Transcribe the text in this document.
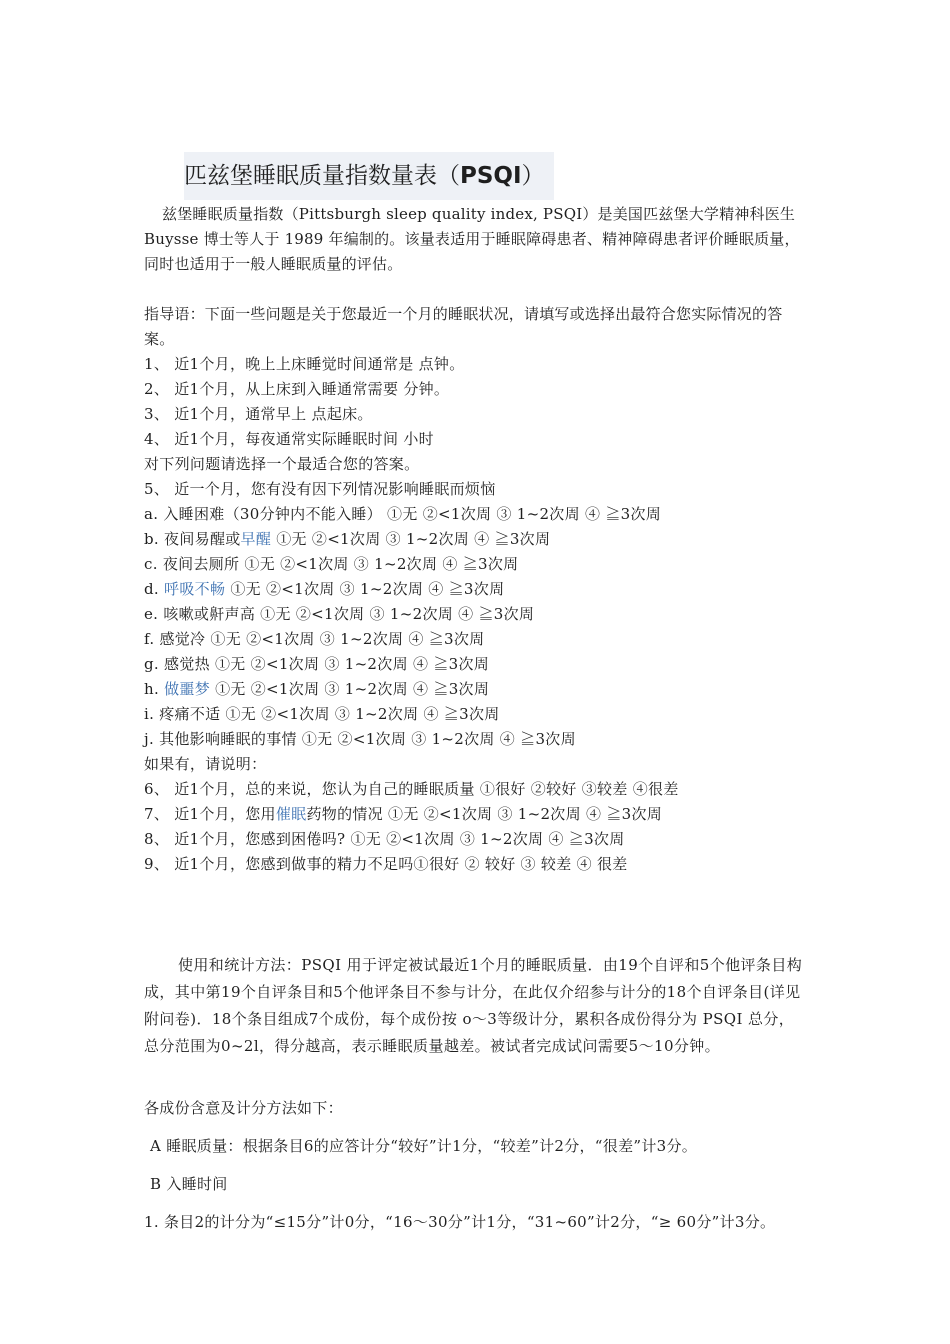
匹兹堡睡眠质量指数量表（PSQI）
兹堡睡眠质量指数（Pittsburgh sleep quality index, PSQI）是美国匹兹堡大学精神科医生Buysse 博士等人于 1989 年编制的。该量表适用于睡眠障碍患者、精神障碍患者评价睡眠质量，同时也适用于一般人睡眠质量的评估。
指导语：下面一些问题是关于您最近一个月的睡眠状况，请填写或选择出最符合您实际情况的答案。
1、 近1个月，晚上上床睡觉时间通常是 点钟。
2、 近1个月，从上床到入睡通常需要 分钟。
3、 近1个月，通常早上 点起床。
4、 近1个月，每夜通常实际睡眠时间 小时
对下列问题请选择一个最适合您的答案。
5、 近一个月，您有没有因下列情况影响睡眠而烦恼
a. 入睡困难（30分钟内不能入睡） ①无 ②<1次周 ③ 1~2次周 ④ ≧3次周
b. 夜间易醒或早醒 ①无 ②<1次周 ③ 1~2次周 ④ ≧3次周
c. 夜间去厕所 ①无 ②<1次周 ③ 1~2次周 ④ ≧3次周
d. 呼吸不畅 ①无 ②<1次周 ③ 1~2次周 ④ ≧3次周
e. 咳嗽或鼾声高 ①无 ②<1次周 ③ 1~2次周 ④ ≧3次周
f. 感觉冷 ①无 ②<1次周 ③ 1~2次周 ④ ≧3次周
g. 感觉热 ①无 ②<1次周 ③ 1~2次周 ④ ≧3次周
h. 做噩梦 ①无 ②<1次周 ③ 1~2次周 ④ ≧3次周
i. 疼痛不适 ①无 ②<1次周 ③ 1~2次周 ④ ≧3次周
j. 其他影响睡眠的事情 ①无 ②<1次周 ③ 1~2次周 ④ ≧3次周
如果有，请说明：
6、 近1个月，总的来说，您认为自己的睡眠质量 ①很好 ②较好 ③较差 ④很差
7、 近1个月，您用催眠药物的情况 ①无 ②<1次周 ③ 1~2次周 ④ ≧3次周
8、 近1个月，您感到困倦吗? ①无 ②<1次周 ③ 1~2次周 ④ ≧3次周
9、 近1个月，您感到做事的精力不足吗①很好 ② 较好 ③ 较差 ④ 很差
使用和统计方法：PSQI 用于评定被试最近1个月的睡眠质量．由19个自评和5个他评条目构成，其中第19个自评条目和5个他评条目不参与计分，在此仅介绍参与计分的18个自评条目(详见附问卷)．18个条目组成7个成份，每个成份按 o～3等级计分，累积各成份得分为 PSQI 总分，总分范围为0~2l，得分越高，表示睡眠质量越差。被试者完成试问需要5～10分钟。
各成份含意及计分方法如下：
A 睡眠质量：根据条目6的应答计分“较好”计1分，“较差”计2分，“很差”计3分。
B 入睡时间
1. 条目2的计分为“≤15分”计0分，“16～30分”计1分，“31~60”计2分，“≥ 60分”计3分。
